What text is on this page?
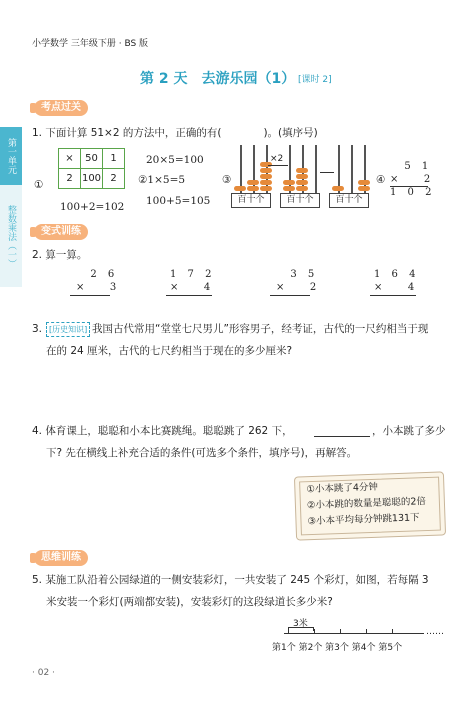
小学数学 三年级下册 · BS 版
第 2 天　去游乐园（1） [课时 2]
第一单元
整数乘法（一）
考点过关
1. 下面计算 51×2 的方法中，正确的有(　　　　)。(填序号)
①
×	50	1
2	100	2
100+2=102
20×5=100
②1×5=5
100+5=105
③
百十个
×2
百十个	百十个
④
5 1
×   2
1 0 2
变式训练
2. 算一算。
2 6
×   3
1 7 2
×   4
3 5
×   2
1 6 4
×   4
3. [历史知识] 我国古代常用“堂堂七尺男儿”形容男子，经考证，古代的一尺约相当于现
在的 24 厘米，古代的七尺约相当于现在的多少厘米?
4. 体育课上，聪聪和小本比赛跳绳。聪聪跳了 262 下，	，小本跳了多少
下? 先在横线上补充合适的条件(可选多个条件，填序号)，再解答。
①小本跳了4分钟
②小本跳的数量是聪聪的2倍
③小本平均每分钟跳131下
思维训练
5. 某施工队沿着公园绿道的一侧安装彩灯，一共安装了 245 个彩灯，如图，若每隔 3
米安装一个彩灯(两端都安装)，安装彩灯的这段绿道长多少米?
3米
……
第1个 第2个 第3个 第4个 第5个
· 02 ·
